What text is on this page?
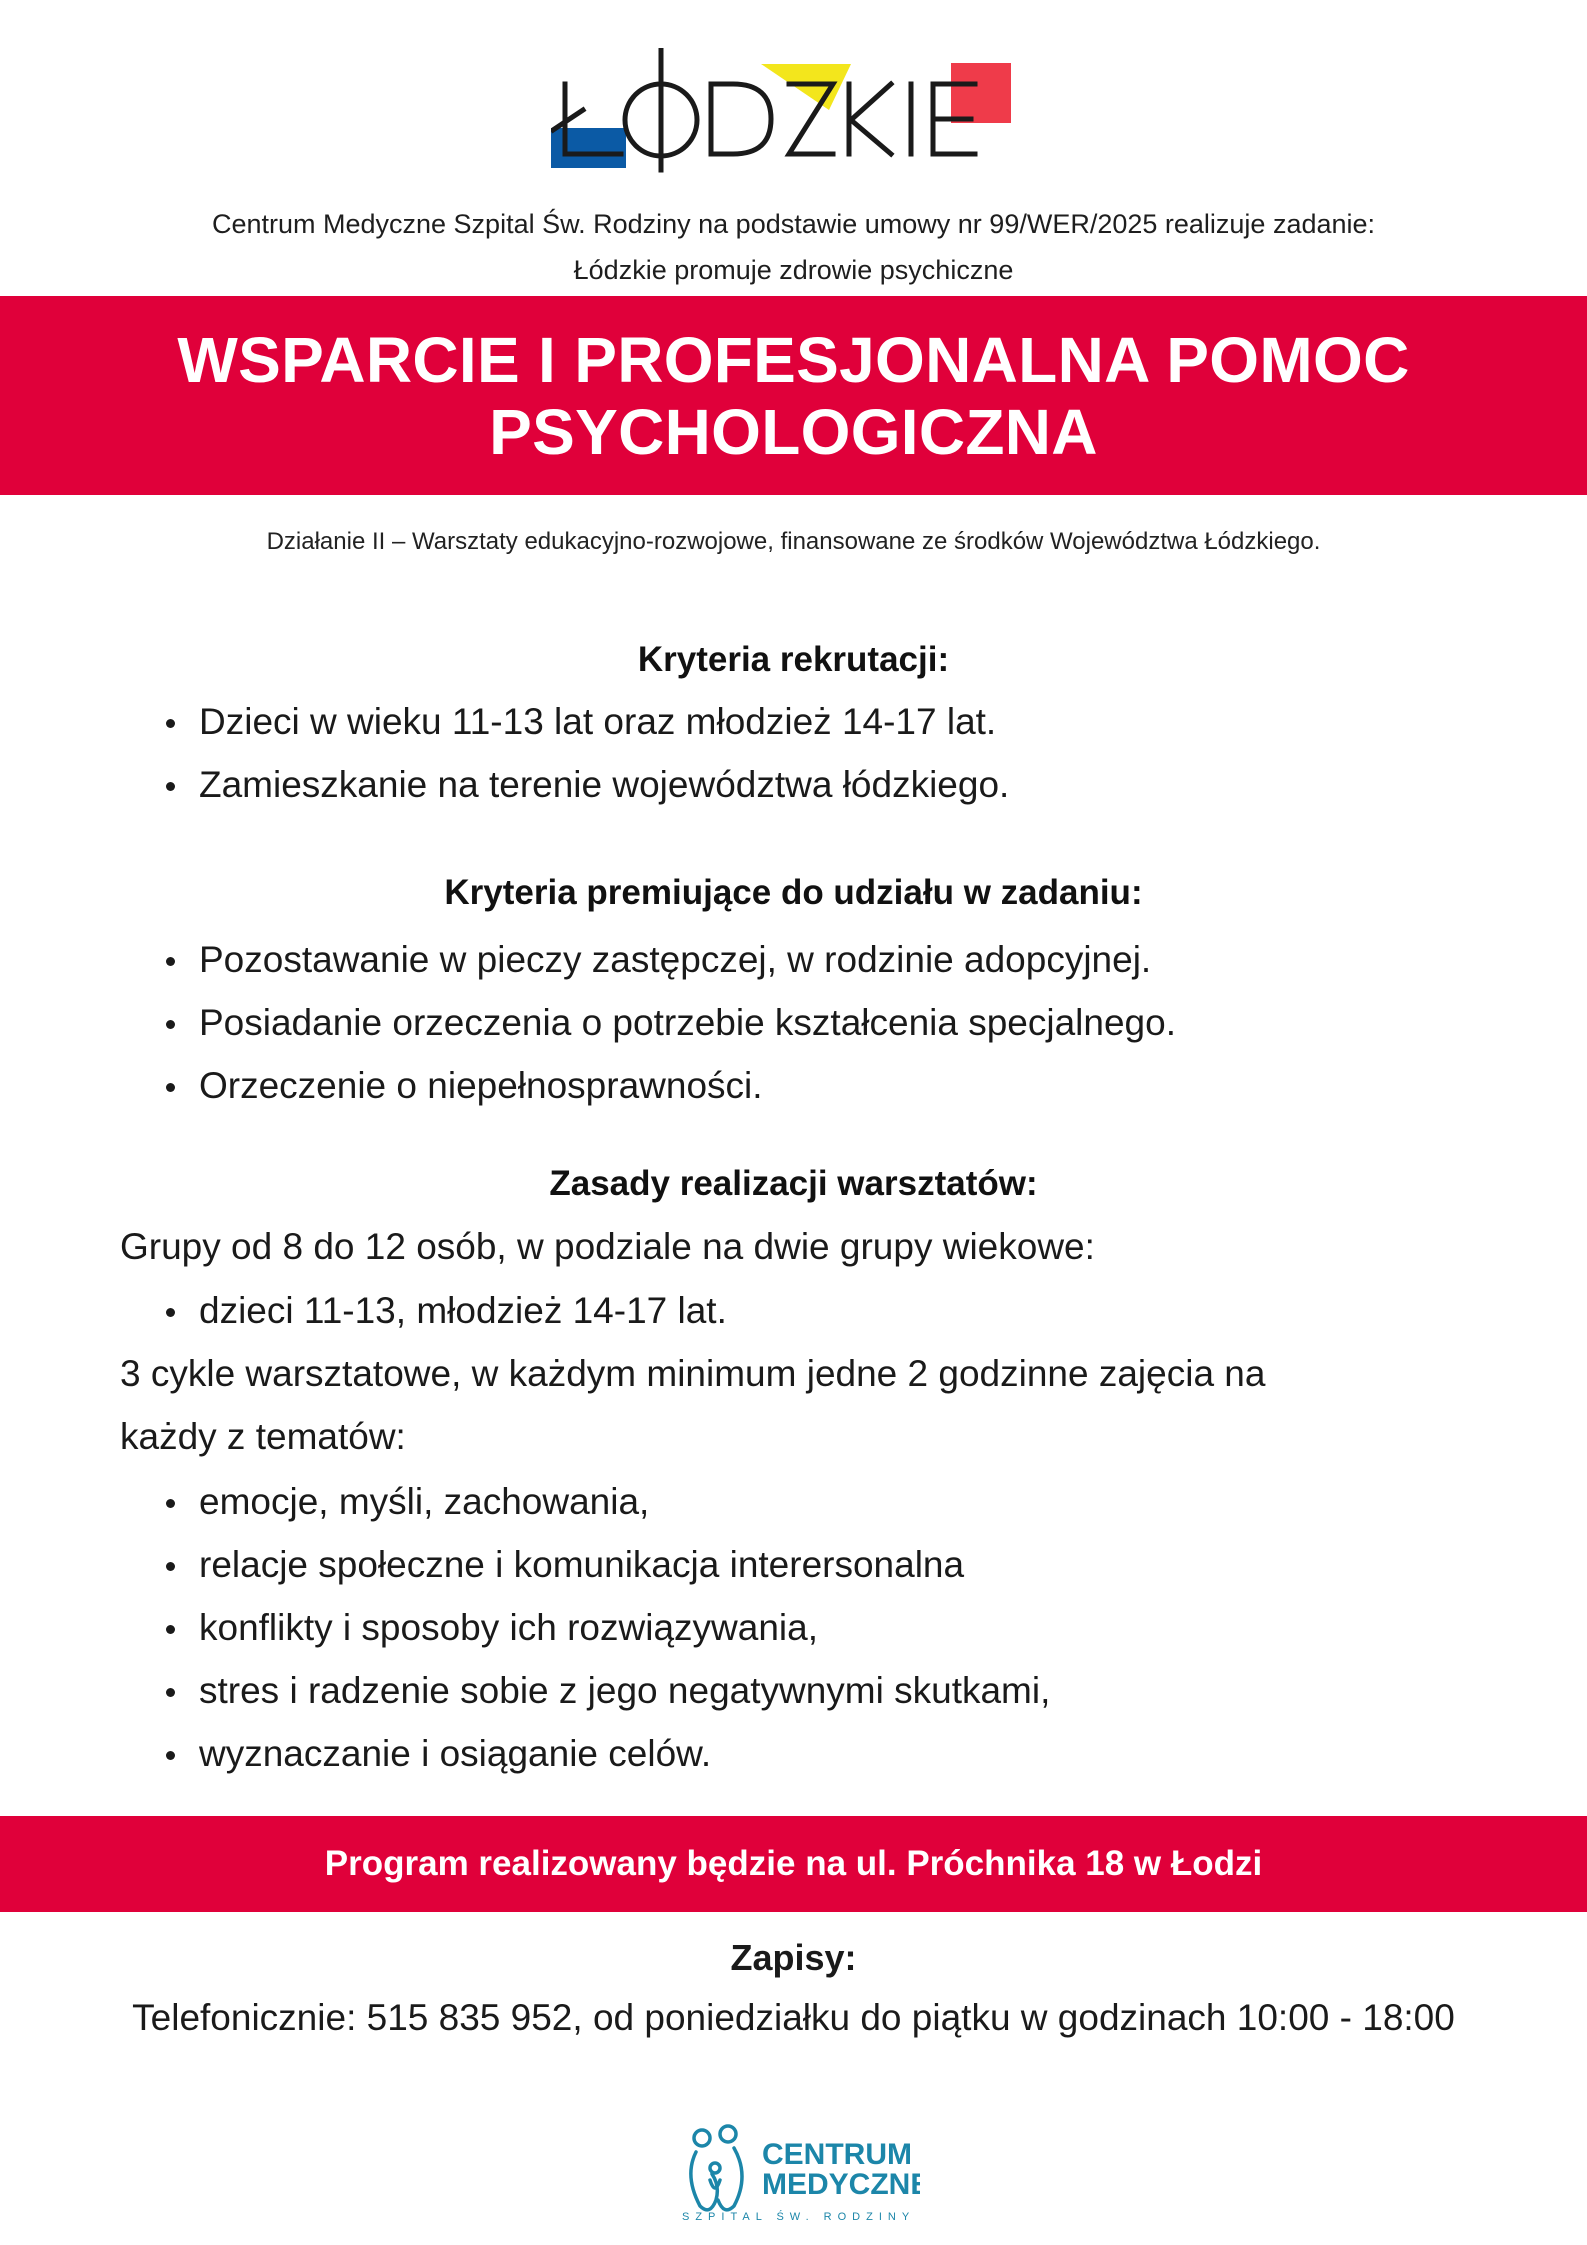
Centrum Medyczne Szpital Św. Rodziny na podstawie umowy nr 99/WER/2025 realizuje zadanie:
Łódzkie promuje zdrowie psychiczne
WSPARCIE I PROFESJONALNA POMOC
PSYCHOLOGICZNA
Działanie II – Warsztaty edukacyjno-rozwojowe, finansowane ze środków Województwa Łódzkiego.
Kryteria rekrutacji:
Dzieci w wieku 11-13 lat oraz młodzież 14-17 lat.
Zamieszkanie na terenie województwa łódzkiego.
Kryteria premiujące do udziału w zadaniu:
Pozostawanie w pieczy zastępczej, w rodzinie adopcyjnej.
Posiadanie orzeczenia o potrzebie kształcenia specjalnego.
Orzeczenie o niepełnosprawności.
Zasady realizacji warsztatów:
Grupy od 8 do 12 osób, w podziale na dwie grupy wiekowe:
dzieci 11-13, młodzież 14-17 lat.
3 cykle warsztatowe, w każdym minimum jedne 2 godzinne zajęcia na
każdy z tematów:
emocje, myśli, zachowania,
relacje społeczne i komunikacja interersonalna
konflikty i sposoby ich rozwiązywania,
stres i radzenie sobie z jego negatywnymi skutkami,
wyznaczanie i osiąganie celów.
Program realizowany będzie na ul. Próchnika 18 w Łodzi
Zapisy:
Telefonicznie: 515 835 952, od poniedziałku do piątku w godzinach 10:00 - 18:00
CENTRUM
MEDYCZNE
SZPITAL ŚW. RODZINY
